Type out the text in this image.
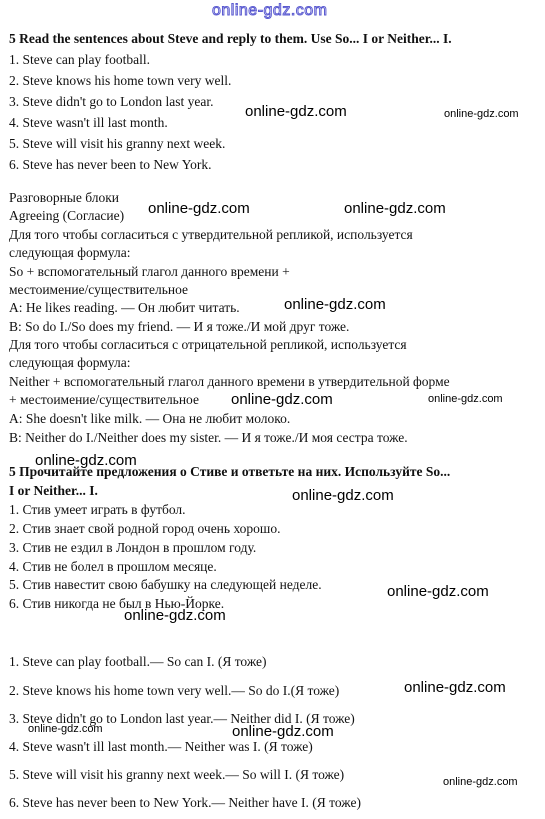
online-gdz.com
5 Read the sentences about Steve and reply to them. Use So... I or Neither... I.
1. Steve can play football.
2. Steve knows his home town very well.
3. Steve didn't go to London last year.
4. Steve wasn't ill last month.
5. Steve will visit his granny next week.
6. Steve has never been to New York.
Разговорные блоки
Agreeing (Согласие)
Для того чтобы согласиться с утвердительной репликой, используется
следующая формула:
So + вспомогательный глагол данного времени +
местоимение/существительное
A: He likes reading. — Он любит читать.
B: So do I./So does my friend. — И я тоже./И мой друг тоже.
Для того чтобы согласиться с отрицательной репликой, используется
следующая формула:
Neither + вспомогательный глагол данного времени в утвердительной форме
+ местоимение/существительное
A: She doesn't like milk. — Она не любит молоко.
B: Neither do I./Neither does my sister. — И я тоже./И моя сестра тоже.
5 Прочитайте предложения о Стиве и ответьте на них. Используйте So...
I or Neither... I.
1. Стив умеет играть в футбол.
2. Стив знает свой родной город очень хорошо.
3. Стив не ездил в Лондон в прошлом году.
4. Стив не болел в прошлом месяце.
5. Стив навестит свою бабушку на следующей неделе.
6. Стив никогда не был в Нью-Йорке.
1. Steve can play football.— So can I. (Я тоже)
2. Steve knows his home town very well.— So do I.(Я тоже)
3. Steve didn't go to London last year.— Neither did I. (Я тоже)
4. Steve wasn't ill last month.— Neither was I. (Я тоже)
5. Steve will visit his granny next week.— So will I. (Я тоже)
6. Steve has never been to New York.— Neither have I. (Я тоже)
online-gdz.com	online-gdz.com
online-gdz.com	online-gdz.com
online-gdz.com
online-gdz.com	online-gdz.com
online-gdz.com
online-gdz.com
online-gdz.com
online-gdz.com
online-gdz.com
online-gdz.com	online-gdz.com
online-gdz.com
